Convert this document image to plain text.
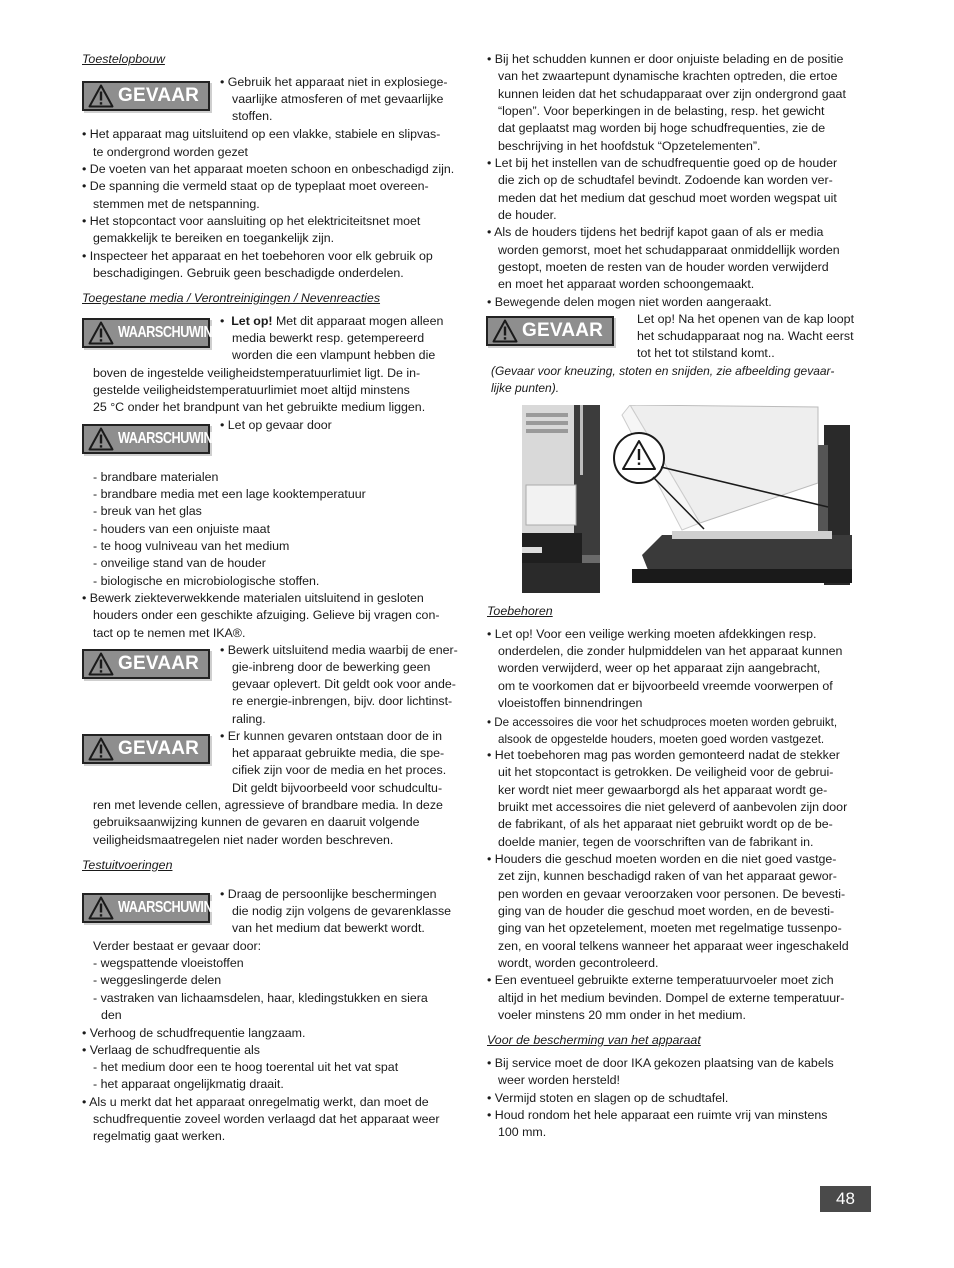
Toestelopbouw
GEVAAR
• Gebruik het apparaat niet in explosiege-
vaarlijke atmosferen of met gevaarlijke
stoffen.
• Het apparaat mag uitsluitend op een vlakke, stabiele en slipvas-
te ondergrond worden gezet
• De voeten van het apparaat moeten schoon en onbeschadigd zijn.
• De spanning die vermeld staat op de typeplaat moet overeen-
stemmen met de netspanning.
• Het stopcontact voor aansluiting op het elektriciteitsnet moet
gemakkelijk te bereiken en toegankelijk zijn.
• Inspecteer het apparaat en het toebehoren voor elk gebruik op
beschadigingen. Gebruik geen beschadigde onderdelen.
Toegestane media / Verontreinigingen / Nevenreacties
WAARSCHUWING
•  Let op! Met dit apparaat mogen alleen
media bewerkt resp. getempereerd
worden die een vlampunt hebben die
boven de ingestelde veiligheidstemperatuurlimiet ligt. De in-
gestelde veiligheidstemperatuurlimiet moet altijd minstens
25 °C onder het brandpunt van het gebruikte medium liggen.
WAARSCHUWING
• Let op gevaar door
- brandbare materialen
- brandbare media met een lage kooktemperatuur
- breuk van het glas
- houders van een onjuiste maat
- te hoog vulniveau van het medium
- onveilige stand van de houder
- biologische en microbiologische stoffen.
• Bewerk ziekteverwekkende materialen uitsluitend in gesloten
houders onder een geschikte afzuiging. Gelieve bij vragen con-
tact op te nemen met IKA®.
GEVAAR
• Bewerk uitsluitend media waarbij de ener-
gie-inbreng door de bewerking geen
gevaar oplevert. Dit geldt ook voor ande-
re energie-inbrengen, bijv. door lichtinst-
raling.
GEVAAR
• Er kunnen gevaren ontstaan door de in
het apparaat gebruikte media, die spe-
cifiek zijn voor de media en het proces.
Dit geldt bijvoorbeeld voor schudcultu-
ren met levende cellen, agressieve of brandbare media. In deze
gebruiksaanwijzing kunnen de gevaren en daaruit volgende
veiligheidsmaatregelen niet nader worden beschreven.
Testuitvoeringen
WAARSCHUWING
• Draag de persoonlijke beschermingen
die nodig zijn volgens de gevarenklasse
van het medium dat bewerkt wordt.
Verder bestaat er gevaar door:
- wegspattende vloeistoffen
- weggeslingerde delen
- vastraken van lichaamsdelen, haar, kledingstukken en siera
den
• Verhoog de schudfrequentie langzaam.
• Verlaag de schudfrequentie als
- het medium door een te hoog toerental uit het vat spat
- het apparaat ongelijkmatig draait.
• Als u merkt dat het apparaat onregelmatig werkt, dan moet de
schudfrequentie zoveel worden verlaagd dat het apparaat weer
regelmatig gaat werken.
• Bij het schudden kunnen er door onjuiste belading en de positie
van het zwaartepunt dynamische krachten optreden, die ertoe
kunnen leiden dat het schudapparaat over zijn ondergrond gaat
“lopen”. Voor beperkingen in de belasting, resp. het gewicht
dat geplaatst mag worden bij hoge schudfrequenties, zie de
beschrijving in het hoofdstuk “Opzetelementen”.
• Let bij het instellen van de schudfrequentie goed op de houder
die zich op de schudtafel bevindt. Zodoende kan worden ver-
meden dat het medium dat geschud moet worden wegspat uit
de houder.
• Als de houders tijdens het bedrijf kapot gaan of als er media
worden gemorst, moet het schudapparaat onmiddellijk worden
gestopt, moeten de resten van de houder worden verwijderd
en moet het apparaat worden schoongemaakt.
• Bewegende delen mogen niet worden aangeraakt.
GEVAAR
Let op! Na het openen van de kap loopt
het schudapparaat nog na. Wacht eerst
tot het tot stilstand komt..
(Gevaar voor kneuzing, stoten en snijden, zie afbeelding gevaar-
lijke punten).
Toebehoren
• Let op! Voor een veilige werking moeten afdekkingen resp.
onderdelen, die zonder hulpmiddelen van het apparaat kunnen
worden verwijderd, weer op het apparaat zijn aangebracht,
om te voorkomen dat er bijvoorbeeld vreemde voorwerpen of
vloeistoffen binnendringen
• De accessoires die voor het schudproces moeten worden gebruikt,
alsook de opgestelde houders, moeten goed worden vastgezet.
• Het toebehoren mag pas worden gemonteerd nadat de stekker
uit het stopcontact is getrokken. De veiligheid voor de gebrui-
ker wordt niet meer gewaarborgd als het apparaat wordt ge-
bruikt met accessoires die niet geleverd of aanbevolen zijn door
de fabrikant, of als het apparaat niet gebruikt wordt op de be-
doelde manier, tegen de voorschriften van de fabrikant in.
• Houders die geschud moeten worden en die niet goed vastge-
zet zijn, kunnen beschadigd raken of van het apparaat gewor-
pen worden en gevaar veroorzaken voor personen. De bevesti-
ging van de houder die geschud moet worden, en de bevesti-
ging van het opzetelement, moeten met regelmatige tussenpo-
zen, en vooral telkens wanneer het apparaat weer ingeschakeld
wordt, worden gecontroleerd.
• Een eventueel gebruikte externe temperatuurvoeler moet zich
altijd in het medium bevinden. Dompel de externe temperatuur-
voeler minstens 20 mm onder in het medium.
Voor de bescherming van het apparaat
• Bij service moet de door IKA gekozen plaatsing van de kabels
weer worden hersteld!
• Vermijd stoten en slagen op de schudtafel.
• Houd rondom het hele apparaat een ruimte vrij van minstens
100 mm.
48
